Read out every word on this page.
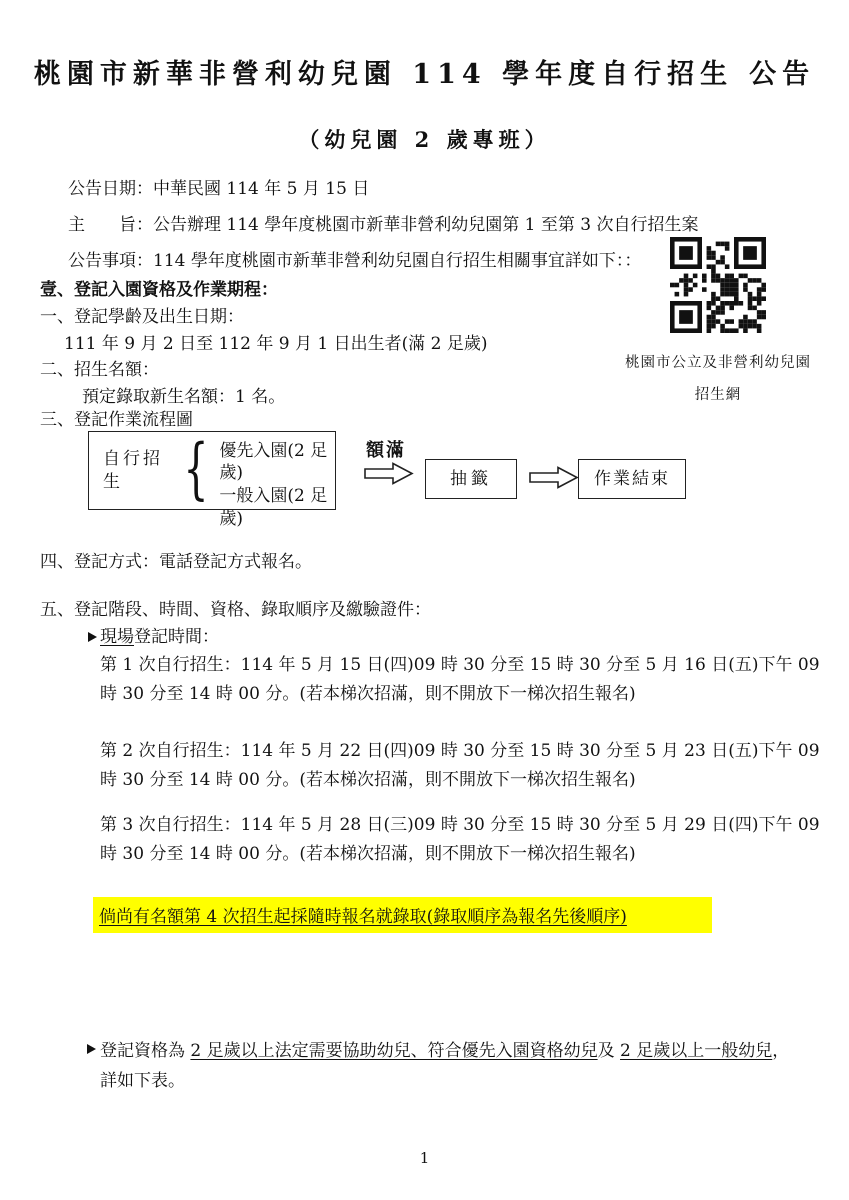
桃園市新華非營利幼兒園 114 學年度自行招生 公告
（幼兒園 2 歲專班）
公告日期：中華民國 114 年 5 月 15 日
主　　旨：公告辦理 114 學年度桃園市新華非營利幼兒園第 1 至第 3 次自行招生案
公告事項：114 學年度桃園市新華非營利幼兒園自行招生相關事宜詳如下：：
桃園市公立及非營利幼兒園
招生網
壹、登記入園資格及作業期程：
一、登記學齡及出生日期：
111 年 9 月 2 日至 112 年 9 月 1 日出生者(滿 2 足歲)
二、招生名額：
預定錄取新生名額：1 名。
三、登記作業流程圖
自行招生 { 優先入園(2 足歲)
一般入園(2 足歲)
額滿
抽籤	作業結束
四、登記方式：電話登記方式報名。
五、登記階段、時間、資格、錄取順序及繳驗證件：
現場登記時間：
第 1 次自行招生：114 年 5 月 15 日(四)09 時 30 分至 15 時 30 分至 5 月 16 日(五)下午 09 時 30 分至 14 時 00 分。(若本梯次招滿，則不開放下一梯次招生報名)
第 2 次自行招生：114 年 5 月 22 日(四)09 時 30 分至 15 時 30 分至 5 月 23 日(五)下午 09 時 30 分至 14 時 00 分。(若本梯次招滿，則不開放下一梯次招生報名)
第 3 次自行招生：114 年 5 月 28 日(三)09 時 30 分至 15 時 30 分至 5 月 29 日(四)下午 09 時 30 分至 14 時 00 分。(若本梯次招滿，則不開放下一梯次招生報名)
倘尚有名額第 4 次招生起採隨時報名就錄取(錄取順序為報名先後順序)
登記資格為 2 足歲以上法定需要協助幼兒、符合優先入園資格幼兒及 2 足歲以上一般幼兒，
詳如下表。
1
